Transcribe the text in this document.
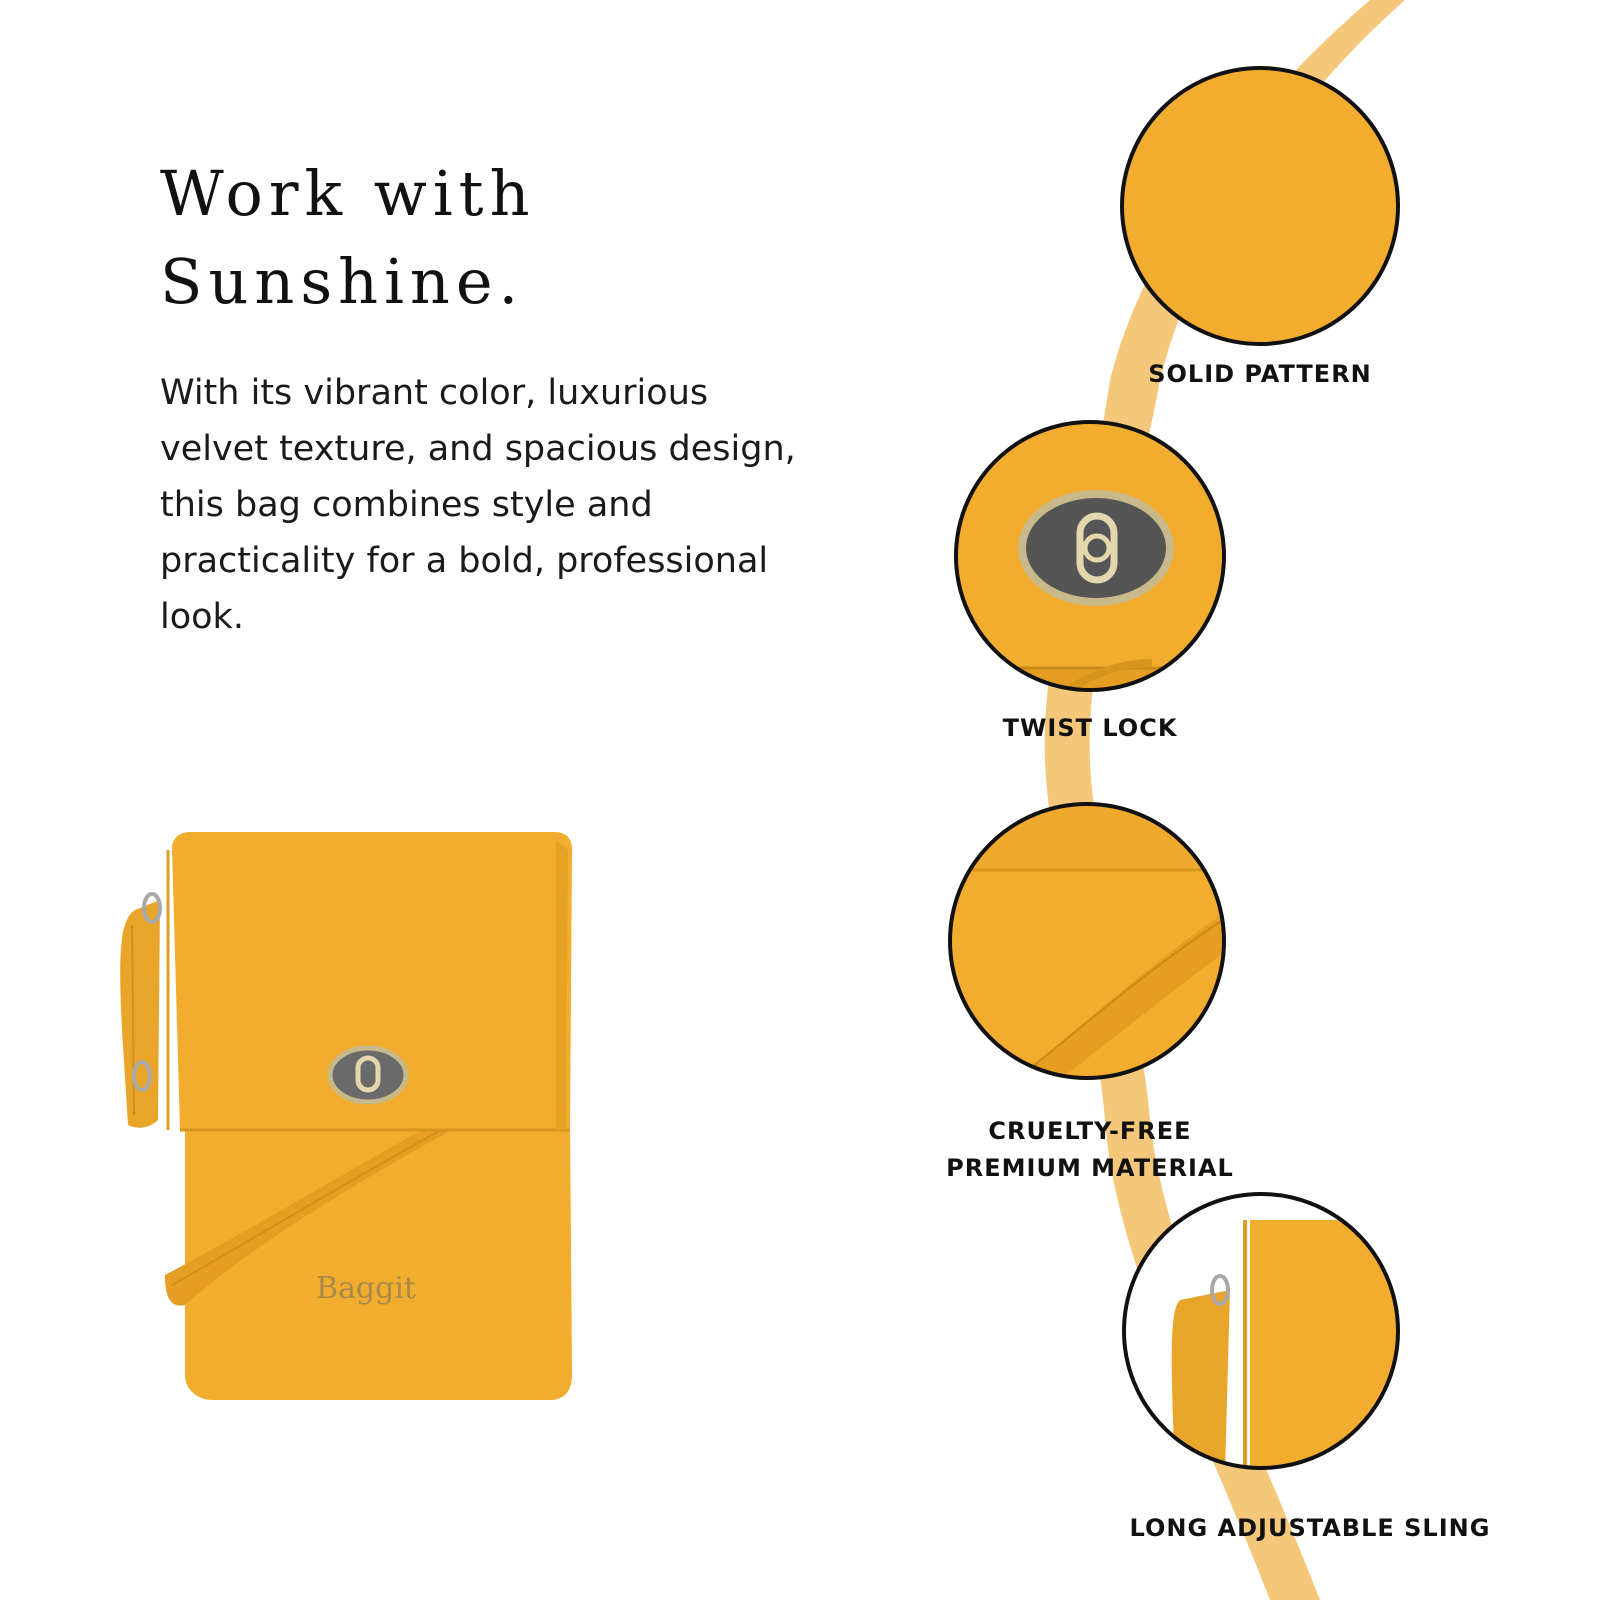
Work with
Sunshine.

With its vibrant color, luxurious velvet texture, and spacious design, this bag combines style and practicality for a bold, professional look.

Baggit
SOLID PATTERN
TWIST LOCK
CRUELTY-FREE
PREMIUM MATERIAL
LONG ADJUSTABLE SLING
